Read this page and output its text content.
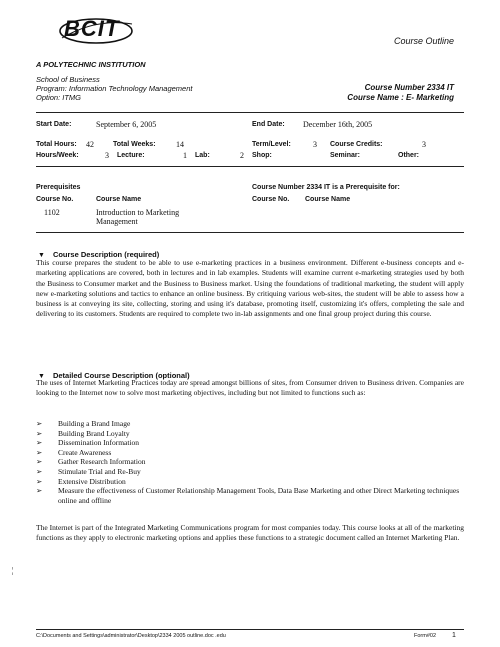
BCIT
A POLYTECHNIC INSTITUTION
Course Outline
School of Business
Program: Information Technology Management
Option: ITMG
Course Number 2334 IT
Course Name : E- Marketing
Start Date:	September 6, 2005	End Date: December 16th, 2005
Total Hours: 42	Total Weeks:	14	Term/Level:	3 Course Credits:	3
Hours/Week:	3 Lecture:	1 Lab:	2 Shop:	Seminar:	Other:
Prerequisites
Course No.	Course Name
1102	Introduction to Marketing
Management
Course Number 2334 IT is a Prerequisite for:
Course No. Course Name
▼ Course Description (required)
This course prepares the student to be able to use e-marketing practices in a business environment. Different e-business concepts and e-marketing applications are covered, both in lectures and in lab examples. Students will examine current e-marketing strategies used by both the Business to Consumer market and the Business to Business market. Using the foundations of traditional marketing, the student will apply new e-marketing solutions and tactics to enhance an online business. By critiquing various web-sites, the student will be able to assess how a business is at conveying its site, collecting, storing and using it's database, promoting itself, customizing it's offers, completing the sale and delivering to its customers. Students are required to complete two in-lab assignments and one final group project during this course.
▼ Detailed Course Description (optional)
The uses of Internet Marketing Practices today are spread amongst billions of sites, from Consumer driven to Business driven. Companies are looking to the Internet now to solve most marketing objectives, including but not limited to functions such as:
➢ Building a Brand Image
➢ Building Brand Loyalty
➢ Dissemination Information
➢ Create Awareness
➢ Gather Research Information
➢ Stimulate Trial and Re-Buy
➢ Extensive Distribution
➢ Measure the effectiveness of Customer Relationship Management Tools, Data Base Marketing and other Direct Marketing techniques online and offline
The Internet is part of the Integrated Marketing Communications program for most companies today. This course looks at all of the marketing functions as they apply to electronic marketing options and applies these functions to a strategic document called an Internet Marketing Plan.
¦
C:\Documents and Settings\administrator\Desktop\2334 2005 outline.doc .edu	Form#02 1
